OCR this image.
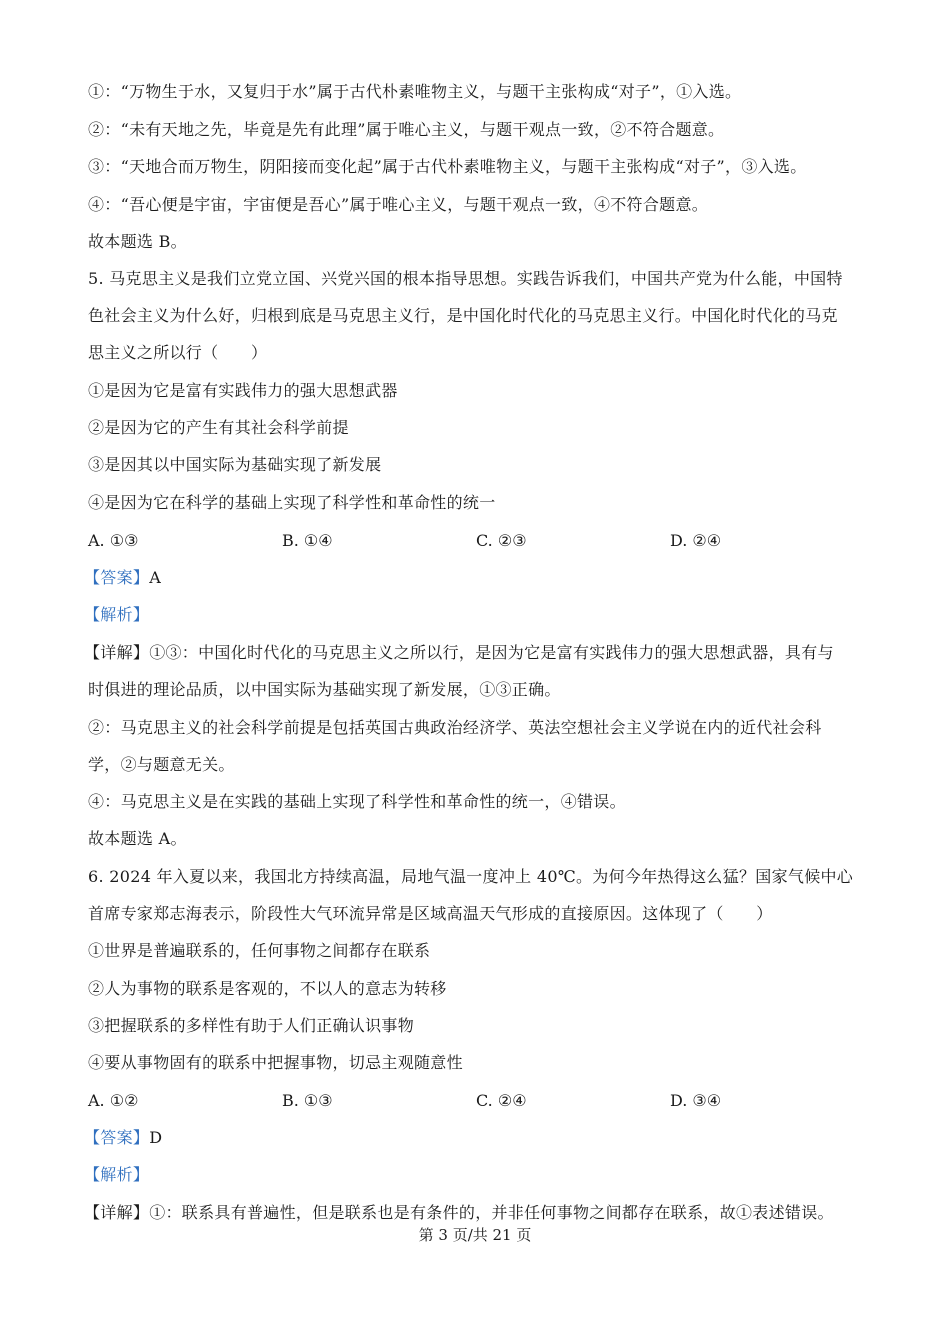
①：“万物生于水，又复归于水”属于古代朴素唯物主义，与题干主张构成“对子”，①入选。
②：“未有天地之先，毕竟是先有此理”属于唯心主义，与题干观点一致，②不符合题意。
③：“天地合而万物生，阴阳接而变化起”属于古代朴素唯物主义，与题干主张构成“对子”，③入选。
④：“吾心便是宇宙，宇宙便是吾心”属于唯心主义，与题干观点一致，④不符合题意。
故本题选 B。
5. 马克思主义是我们立党立国、兴党兴国的根本指导思想。实践告诉我们，中国共产党为什么能，中国特
色社会主义为什么好，归根到底是马克思主义行，是中国化时代化的马克思主义行。中国化时代化的马克
思主义之所以行（　　）
①是因为它是富有实践伟力的强大思想武器
②是因为它的产生有其社会科学前提
③是因其以中国实际为基础实现了新发展
④是因为它在科学的基础上实现了科学性和革命性的统一
A. ①③	B. ①④	C. ②③	D. ②④
【答案】A
【解析】
【详解】①③：中国化时代化的马克思主义之所以行，是因为它是富有实践伟力的强大思想武器，具有与
时俱进的理论品质，以中国实际为基础实现了新发展，①③正确。
②：马克思主义的社会科学前提是包括英国古典政治经济学、英法空想社会主义学说在内的近代社会科
学，②与题意无关。
④：马克思主义是在实践的基础上实现了科学性和革命性的统一，④错误。
故本题选 A。
6. 2024 年入夏以来，我国北方持续高温，局地气温一度冲上 40℃。为何今年热得这么猛？国家气候中心
首席专家郑志海表示，阶段性大气环流异常是区域高温天气形成的直接原因。这体现了（　　）
①世界是普遍联系的，任何事物之间都存在联系
②人为事物的联系是客观的，不以人的意志为转移
③把握联系的多样性有助于人们正确认识事物
④要从事物固有的联系中把握事物，切忌主观随意性
A. ①②	B. ①③	C. ②④	D. ③④
【答案】D
【解析】
【详解】①：联系具有普遍性，但是联系也是有条件的，并非任何事物之间都存在联系，故①表述错误。
第 3 页/共 21 页
